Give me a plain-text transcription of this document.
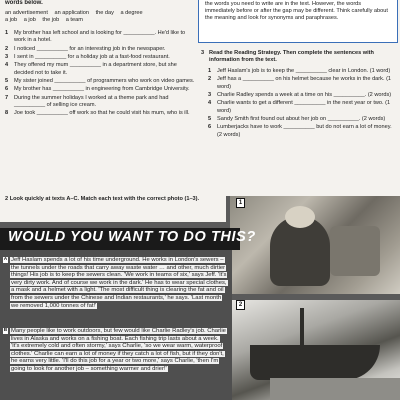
words below.
an advertisement an application the day a degree
a job a job the job a team
1 My brother has left school and is looking for __________. He'd like to work in a hotel.
2 I noticed __________ for an interesting job in the newspaper.
3 I sent in __________ for a holiday job at a fast-food restaurant.
4 They offered my mum __________ in a department store, but she decided not to take it.
5 My sister joined __________ of programmers who work on video games.
6 My brother has __________ in engineering from Cambridge University.
7 During the summer holidays I worked at a theme park and had __________ of selling ice cream.
8 Joe took __________ off work so that he could visit his mum, who is ill.
the words you need to write are in the text. However, the words immediately before or after the gap may be different. Think carefully about the meaning and look for synonyms and paraphrases.
3 Read the Reading Strategy. Then complete the sentences with information from the text.
1 Jeff Haslam's job is to keep the __________ clear in London. (1 word)
2 Jeff has a __________ on his helmet because he works in the dark. (1 word)
3 Charlie Radley spends a week at a time on his __________. (2 words)
4 Charlie wants to get a different __________ in the next year or two. (1 word)
5 Sandy Smith first found out about her job on __________. (2 words)
6 Lumberjacks have to work __________ but do not earn a lot of money. (2 words)
2 Look quickly at texts A–C. Match each text with the correct photo (1–3).
1
2
WOULD YOU WANT TO DO THIS?
A Jeff Haslam spends a lot of his time underground. He works in London's sewers – the tunnels under the roads that carry away waste water … and other, much dirtier things! His job is to keep the sewers clean. 'We work in teams of six,' says Jeff. 'It's very dirty work. And of course we work in the dark.' He has to wear special clothes, a mask and a helmet with a light. 'The most difficult thing is clearing the fat and oil from the sewers under the Chinese and Indian restaurants,' he says. 'Last month we removed 1,000 tonnes of fat!'
B Many people like to work outdoors, but few would like Charlie Radley's job. Charlie lives in Alaska and works on a fishing boat. Each fishing trip lasts about a week. 'It's extremely cold and often stormy,' says Charlie, 'so we wear warm, waterproof clothes.' Charlie can earn a lot of money if they catch a lot of fish, but if they don't, he earns very little. 'I'll do this job for a year or two more,' says Charlie, 'then I'm going to look for another job – something warmer and drier!'
